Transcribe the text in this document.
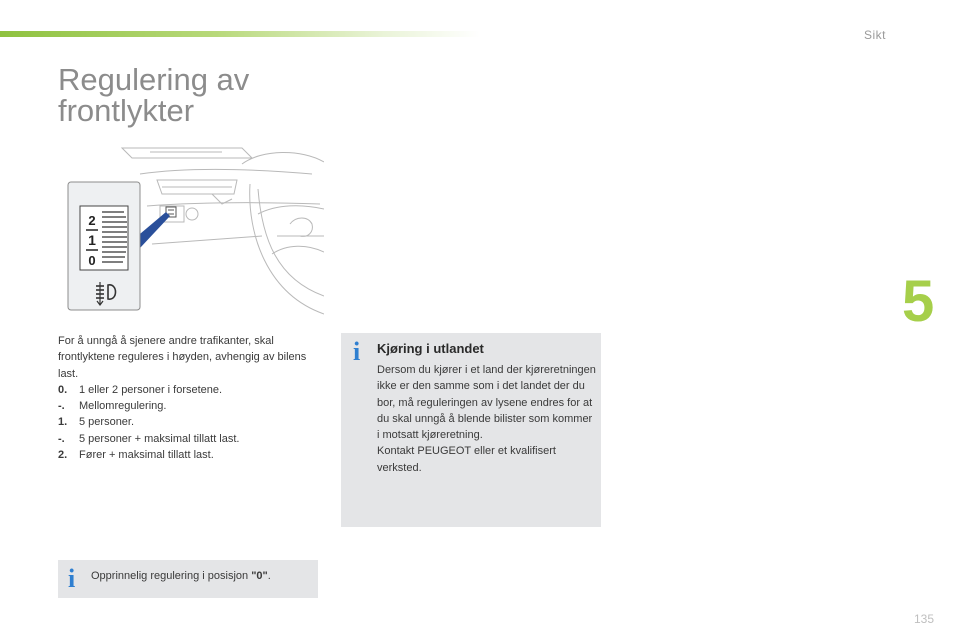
Sikt
Regulering av
frontlykter
5
2
1
0

For å unngå å sjenere andre trafikanter, skal frontlyktene reguleres i høyden, avhengig av bilens last.

0.	1 eller 2 personer i forsetene.
-.	Mellomregulering.
1.	5 personer.
-.	5 personer + maksimal tillatt last.
2.	Fører + maksimal tillatt last.
i Kjøring i utlandet
Dersom du kjører i et land der kjøreretningen ikke er den samme som i det landet der du bor, må reguleringen av lysene endres for at du skal unngå å blende bilister som kommer i motsatt kjøreretning.
Kontakt PEUGEOT eller et kvalifisert verksted.
i Opprinnelig regulering i posisjon "0".
135
